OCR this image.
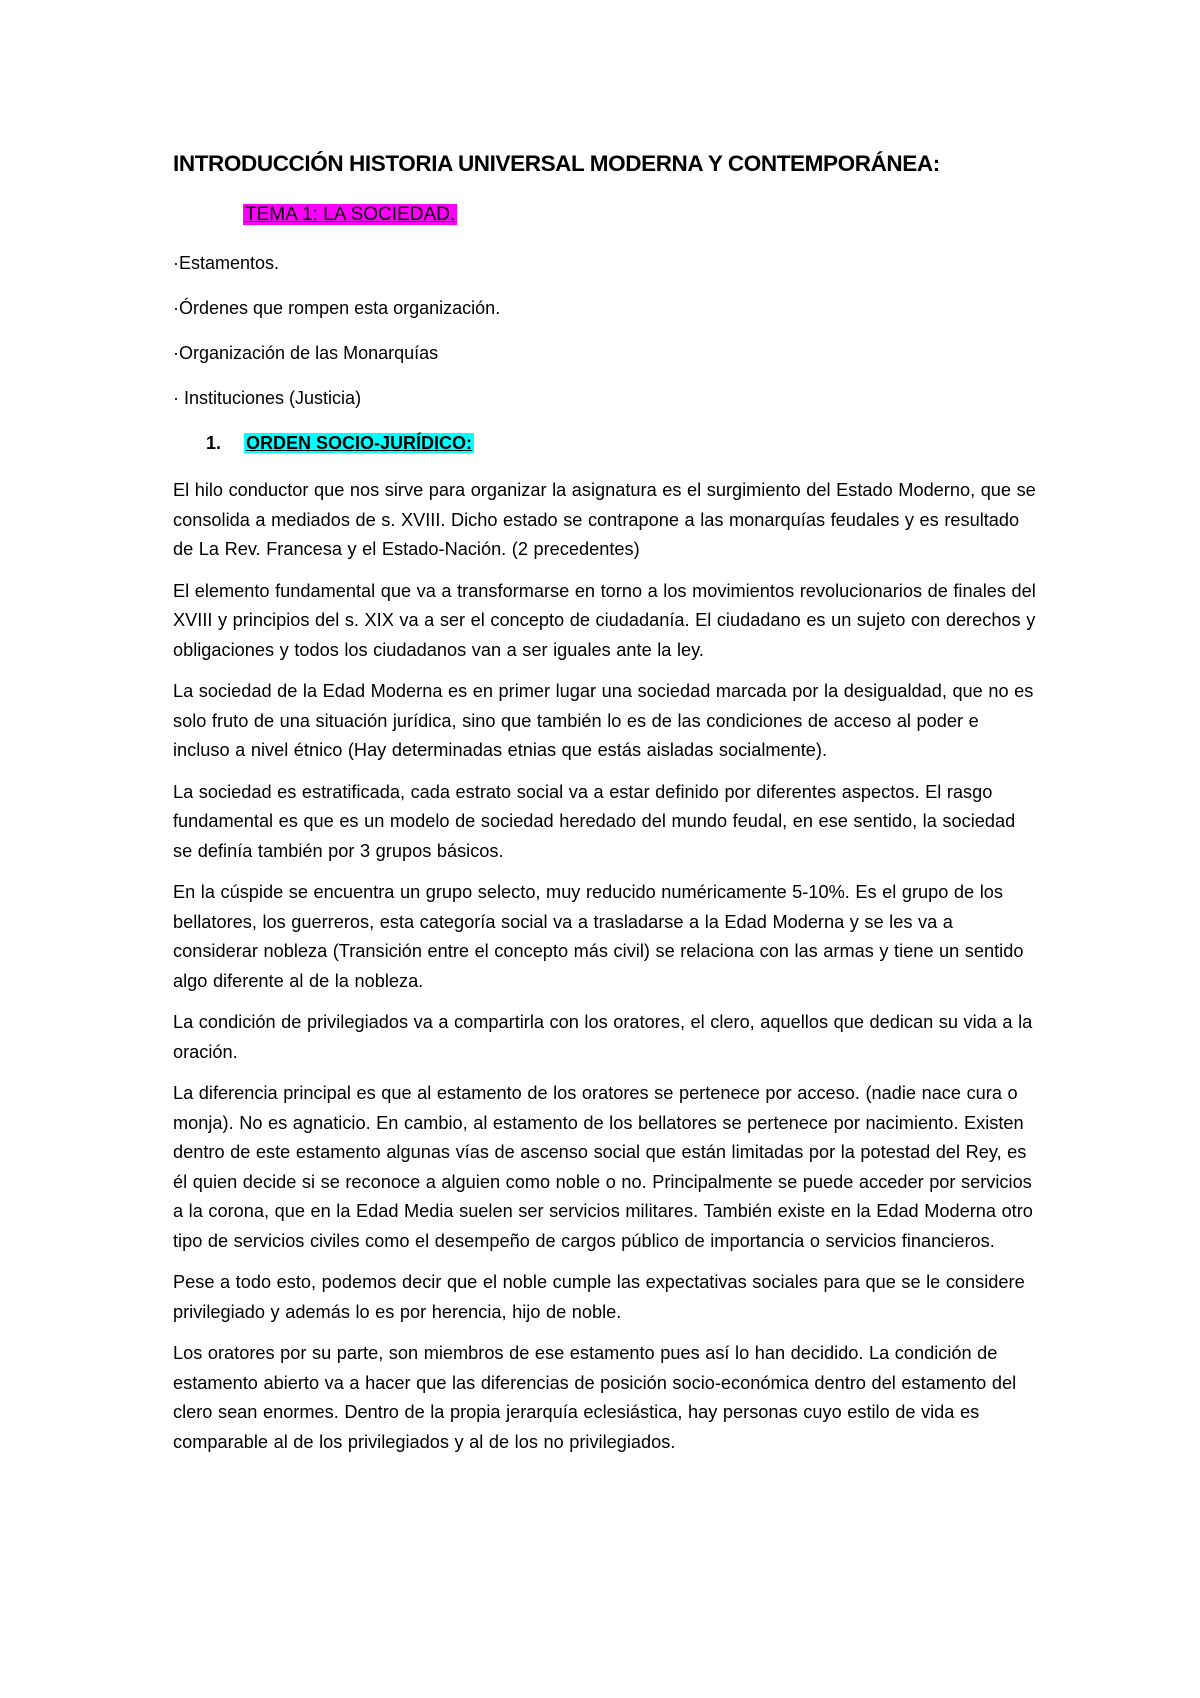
INTRODUCCIÓN HISTORIA UNIVERSAL MODERNA Y CONTEMPORÁNEA:
TEMA 1: LA SOCIEDAD.
·Estamentos.
·Órdenes que rompen esta organización.
·Organización de las Monarquías
· Instituciones (Justicia)
1. ORDEN SOCIO-JURÍDICO:

El hilo conductor que nos sirve para organizar la asignatura es el surgimiento del Estado Moderno, que se consolida a mediados de s. XVIII. Dicho estado se contrapone a las monarquías feudales y es resultado de La Rev. Francesa y el Estado-Nación. (2 precedentes)

El elemento fundamental que va a transformarse en torno a los movimientos revolucionarios de finales del XVIII y principios del s. XIX va a ser el concepto de ciudadanía. El ciudadano es un sujeto con derechos y obligaciones y todos los ciudadanos van a ser iguales ante la ley.

La sociedad de la Edad Moderna es en primer lugar una sociedad marcada por la desigualdad, que no es solo fruto de una situación jurídica, sino que también lo es de las condiciones de acceso al poder e incluso a nivel étnico (Hay determinadas etnias que estás aisladas socialmente).

La sociedad es estratificada, cada estrato social va a estar definido por diferentes aspectos. El rasgo fundamental es que es un modelo de sociedad heredado del mundo feudal, en ese sentido, la sociedad se definía también por 3 grupos básicos.

En la cúspide se encuentra un grupo selecto, muy reducido numéricamente 5-10%. Es el grupo de los bellatores, los guerreros, esta categoría social va a trasladarse a la Edad Moderna y se les va a considerar nobleza (Transición entre el concepto más civil) se relaciona con las armas y tiene un sentido algo diferente al de la nobleza.

La condición de privilegiados va a compartirla con los oratores, el clero, aquellos que dedican su vida a la oración.

La diferencia principal es que al estamento de los oratores se pertenece por acceso. (nadie nace cura o monja). No es agnaticio. En cambio, al estamento de los bellatores se pertenece por nacimiento. Existen dentro de este estamento algunas vías de ascenso social que están limitadas por la potestad del Rey, es él quien decide si se reconoce a alguien como noble o no. Principalmente se puede acceder por servicios a la corona, que en la Edad Media suelen ser servicios militares. También existe en la Edad Moderna otro tipo de servicios civiles como el desempeño de cargos público de importancia o servicios financieros.

Pese a todo esto, podemos decir que el noble cumple las expectativas sociales para que se le considere privilegiado y además lo es por herencia, hijo de noble.

Los oratores por su parte, son miembros de ese estamento pues así lo han decidido. La condición de estamento abierto va a hacer que las diferencias de posición socio-económica dentro del estamento del clero sean enormes. Dentro de la propia jerarquía eclesiástica, hay personas cuyo estilo de vida es comparable al de los privilegiados y al de los no privilegiados.
